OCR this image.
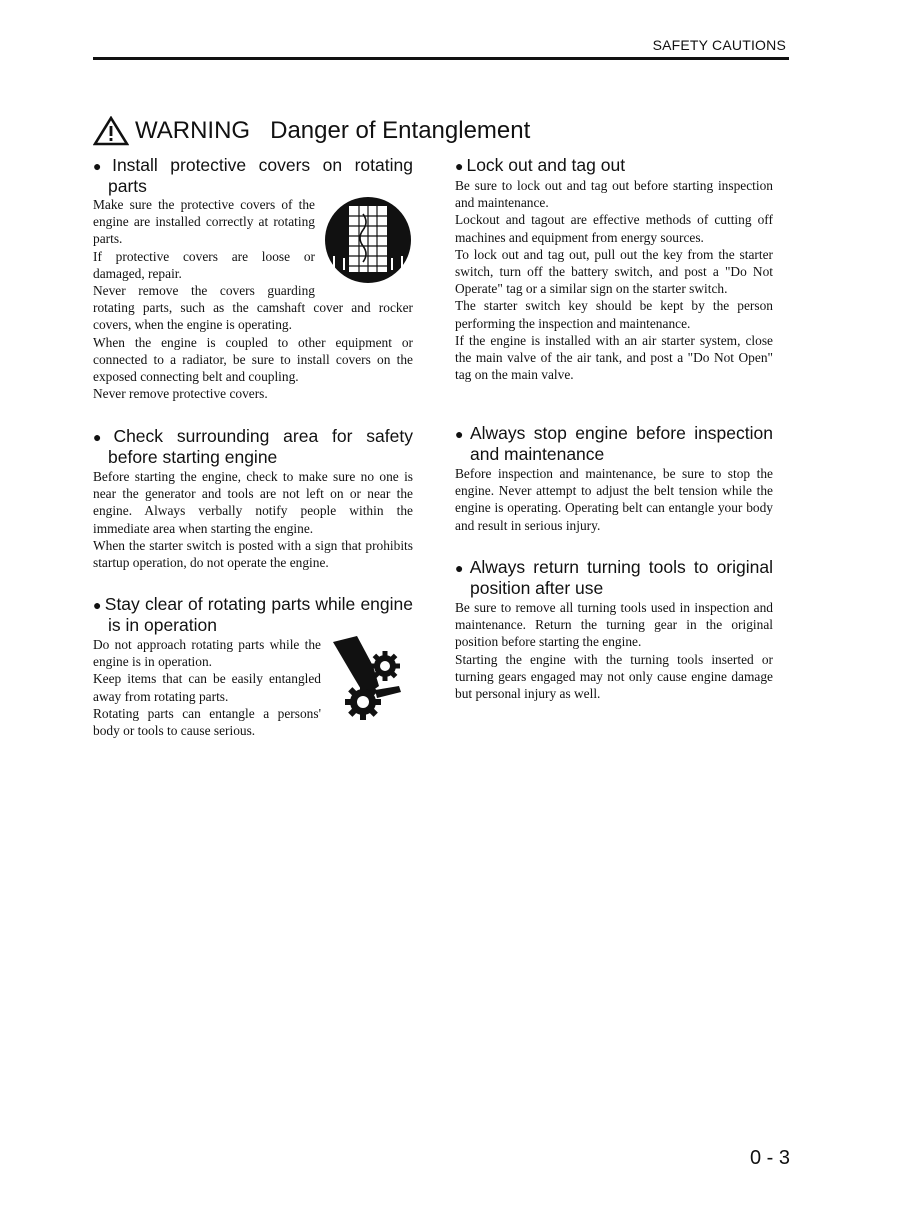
SAFETY CAUTIONS
WARNING Danger of Entanglement
● Install protective covers on rotating parts

Make sure the protective covers of the engine are installed correctly at rotating parts.

If protective covers are loose or damaged, repair.

Never remove the covers guarding rotating parts, such as the camshaft cover and rocker covers, when the engine is operating.

When the engine is coupled to other equipment or connected to a radiator, be sure to install covers on the exposed connecting belt and coupling.

Never remove protective covers.

● Check surrounding area for safety before starting engine

Before starting the engine, check to make sure no one is near the generator and tools are not left on or near the engine. Always verbally notify people within the immediate area when starting the engine.

When the starter switch is posted with a sign that prohibits startup operation, do not operate the engine.

● Stay clear of rotating parts while engine is in operation

Do not approach rotating parts while the engine is in operation.

Keep items that can be easily entangled away from rotating parts.

Rotating parts can entangle a persons' body or tools to cause serious.

● Lock out and tag out

Be sure to lock out and tag out before starting inspection and maintenance.

Lockout and tagout are effective methods of cutting off machines and equipment from energy sources.

To lock out and tag out, pull out the key from the starter switch, turn off the battery switch, and post a "Do Not Operate" tag or a similar sign on the starter switch.

The starter switch key should be kept by the person performing the inspection and maintenance.

If the engine is installed with an air starter system, close the main valve of the air tank, and post a "Do Not Open" tag on the main valve.

● Always stop engine before inspection and maintenance

Before inspection and maintenance, be sure to stop the engine. Never attempt to adjust the belt tension while the engine is operating. Operating belt can entangle your body and result in serious injury.

● Always return turning tools to original position after use

Be sure to remove all turning tools used in inspection and maintenance. Return the turning gear in the original position before starting the engine.

Starting the engine with the turning tools inserted or turning gears engaged may not only cause engine damage but personal injury as well.

0 - 3
